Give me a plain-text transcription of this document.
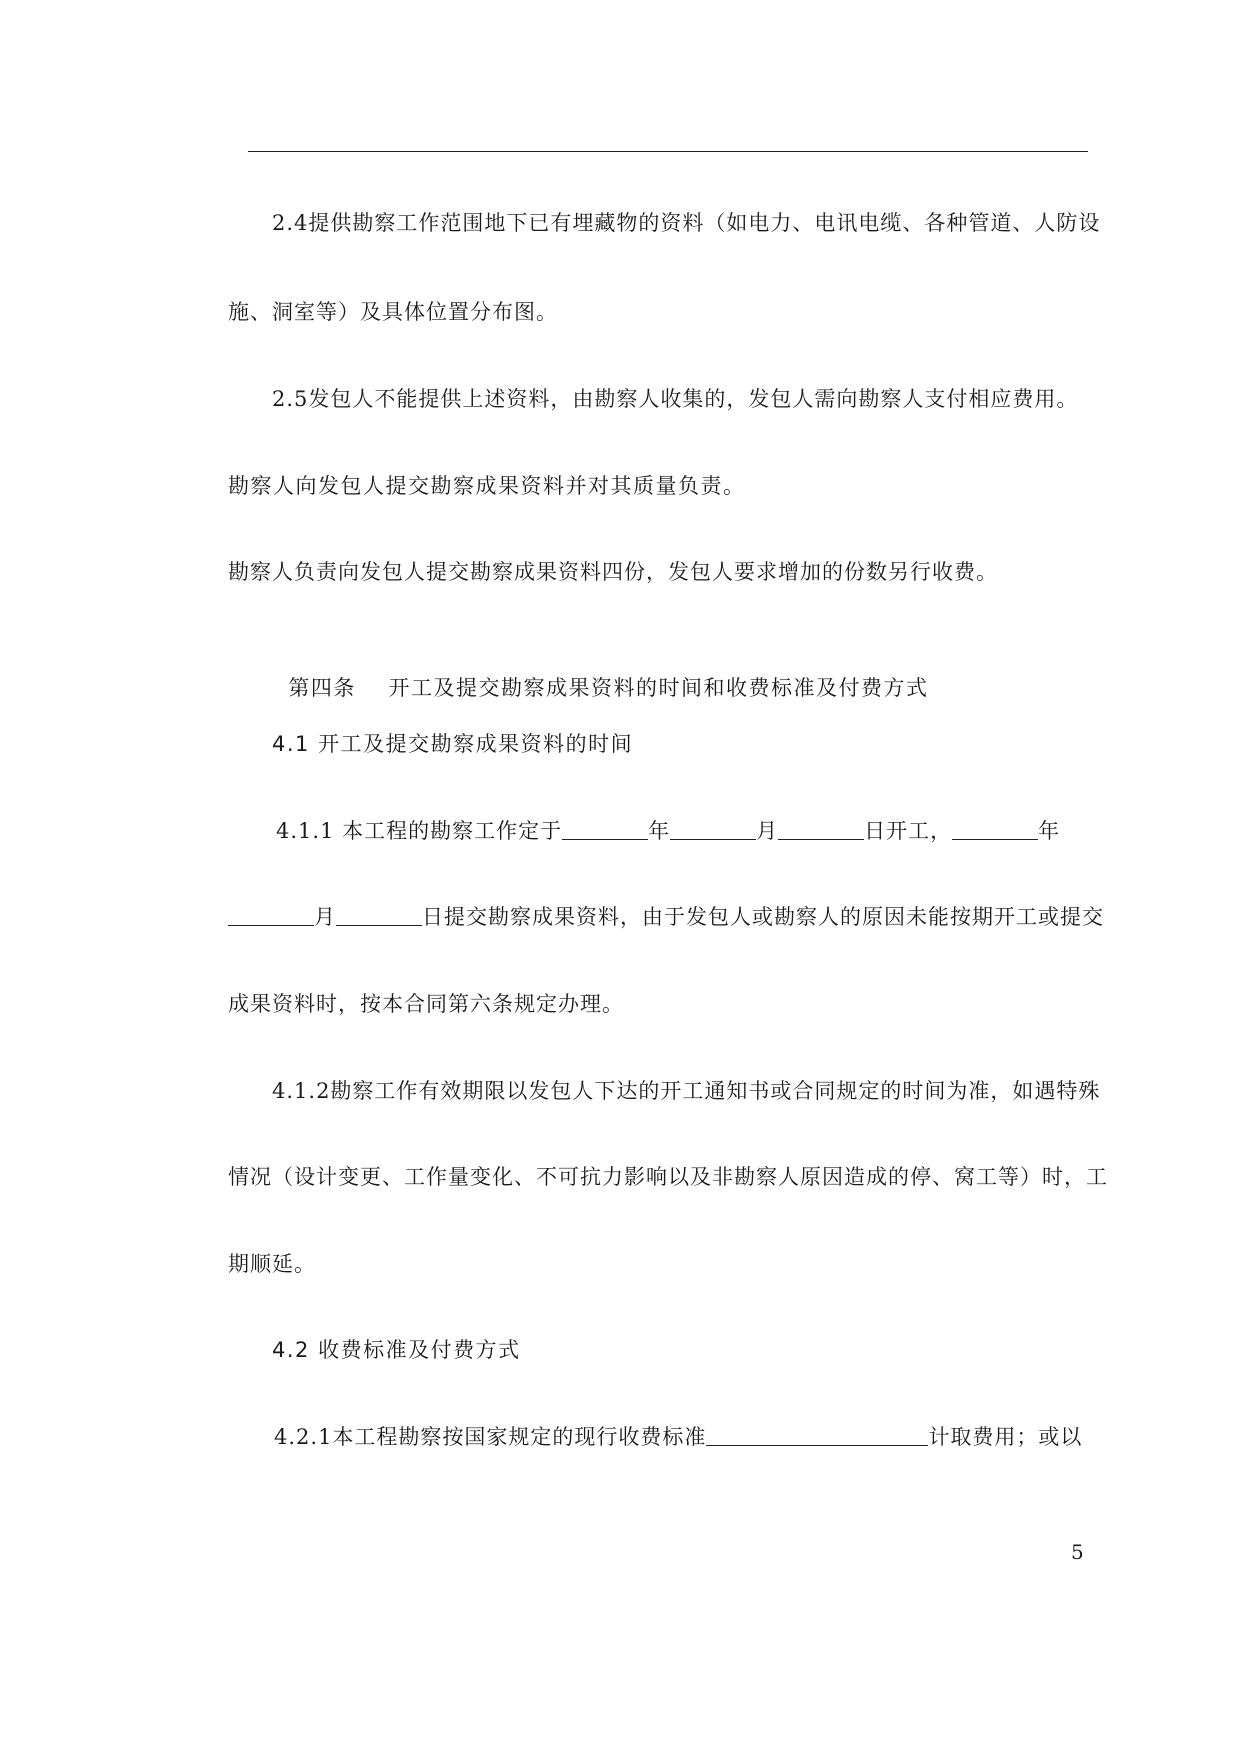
2.4提供勘察工作范围地下已有埋藏物的资料（如电力、电讯电缆、各种管道、人防设
施、洞室等）及具体位置分布图。
2.5发包人不能提供上述资料，由勘察人收集的，发包人需向勘察人支付相应费用。
勘察人向发包人提交勘察成果资料并对其质量负责。
勘察人负责向发包人提交勘察成果资料四份，发包人要求增加的份数另行收费。

第四条    开工及提交勘察成果资料的时间和收费标准及付费方式

4.1 开工及提交勘察成果资料的时间
4.1.1 本工程的勘察工作定于	年	月	日开工，	年
月	日提交勘察成果资料，由于发包人或勘察人的原因未能按期开工或提交
成果资料时，按本合同第六条规定办理。
4.1.2勘察工作有效期限以发包人下达的开工通知书或合同规定的时间为准，如遇特殊
情况（设计变更、工作量变化、不可抗力影响以及非勘察人原因造成的停、窝工等）时，工
期顺延。
4.2 收费标准及付费方式
4.2.1本工程勘察按国家规定的现行收费标准	计取费用；或以
5
